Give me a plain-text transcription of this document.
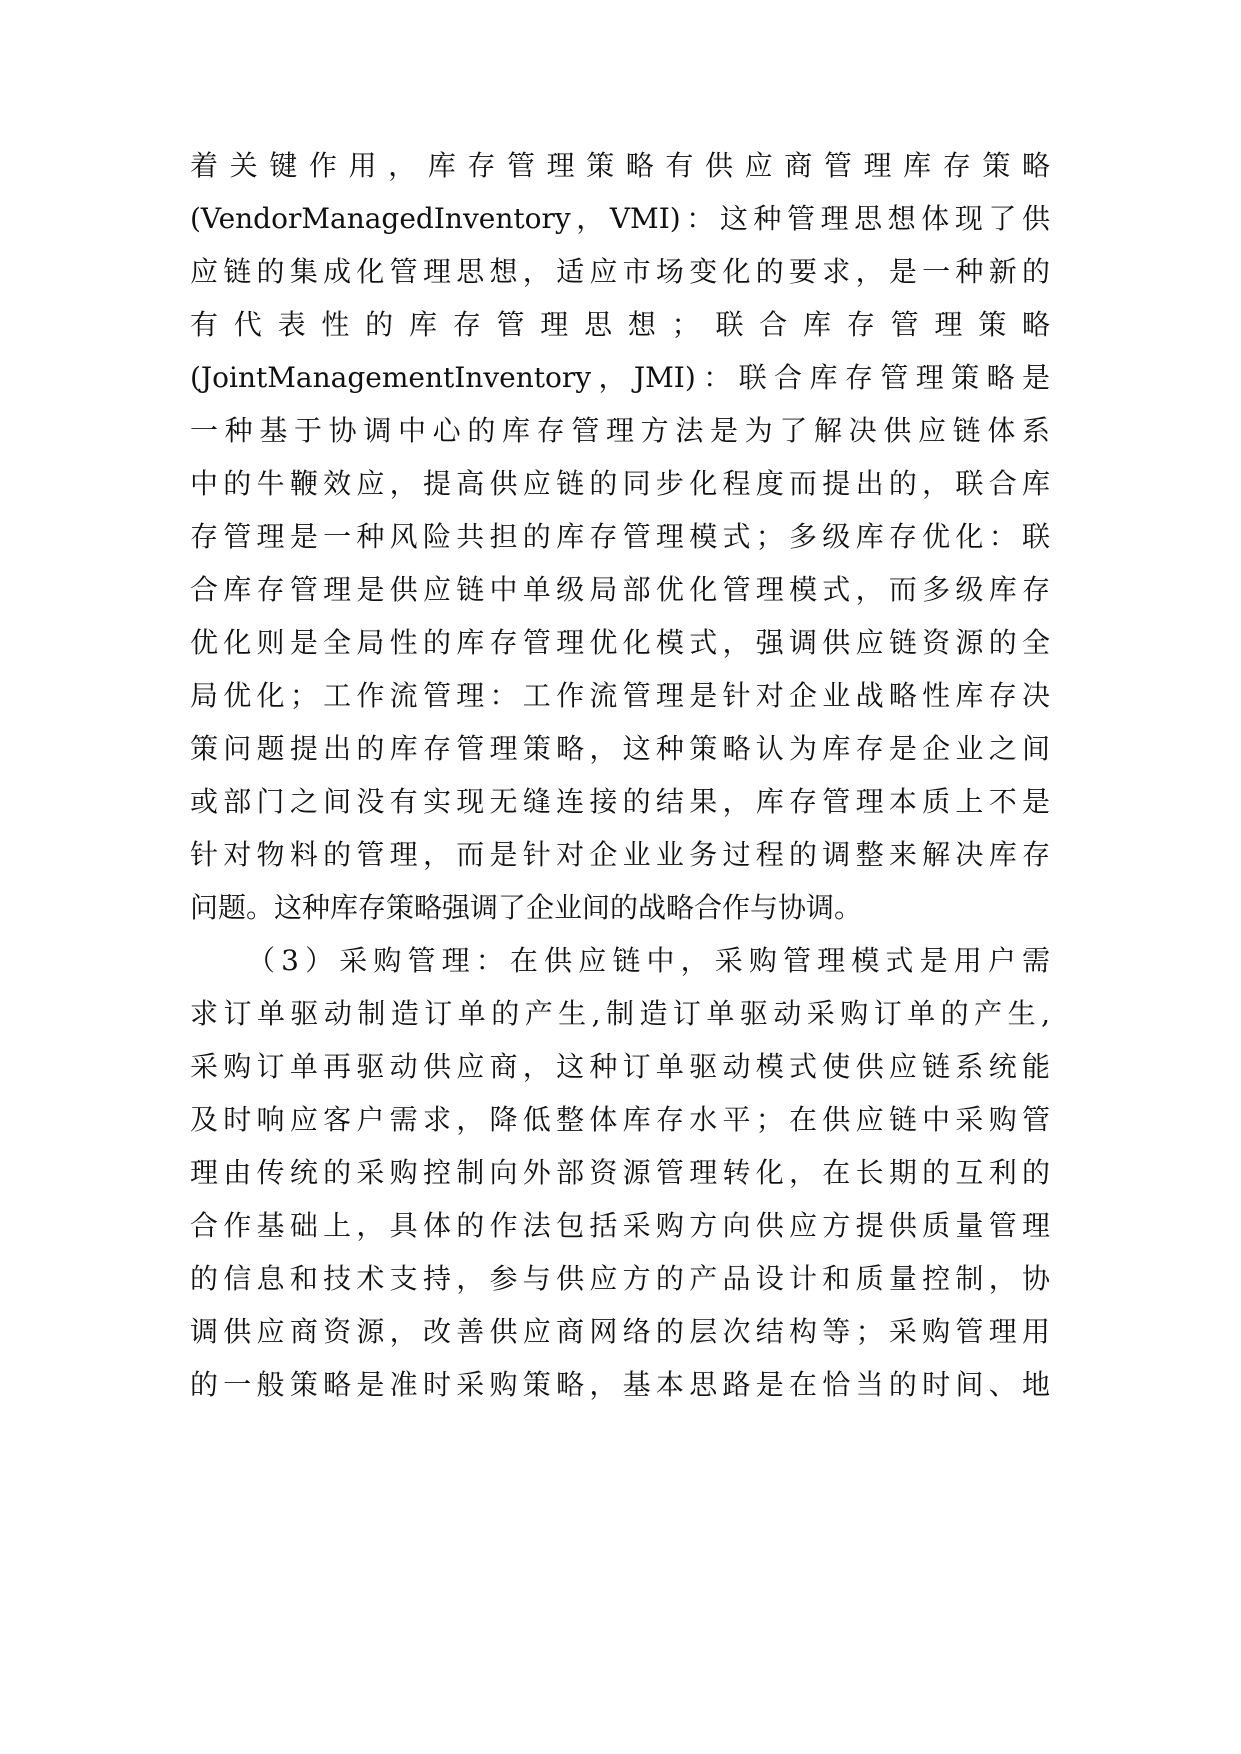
着关键作用，库存管理策略有供应商管理库存策略
(VendorManagedInventory，VMI)：这种管理思想体现了供
应链的集成化管理思想，适应市场变化的要求，是一种新的
有代表性的库存管理思想；联合库存管理策略
(JointManagementInventory，JMI)：联合库存管理策略是
一种基于协调中心的库存管理方法是为了解决供应链体系
中的牛鞭效应，提高供应链的同步化程度而提出的，联合库
存管理是一种风险共担的库存管理模式；多级库存优化：联
合库存管理是供应链中单级局部优化管理模式，而多级库存
优化则是全局性的库存管理优化模式，强调供应链资源的全
局优化；工作流管理：工作流管理是针对企业战略性库存决
策问题提出的库存管理策略，这种策略认为库存是企业之间
或部门之间没有实现无缝连接的结果，库存管理本质上不是
针对物料的管理，而是针对企业业务过程的调整来解决库存
问题。这种库存策略强调了企业间的战略合作与协调。
（3）采购管理：在供应链中，采购管理模式是用户需
求订单驱动制造订单的产生,制造订单驱动采购订单的产生,
采购订单再驱动供应商，这种订单驱动模式使供应链系统能
及时响应客户需求，降低整体库存水平；在供应链中采购管
理由传统的采购控制向外部资源管理转化，在长期的互利的
合作基础上，具体的作法包括采购方向供应方提供质量管理
的信息和技术支持，参与供应方的产品设计和质量控制，协
调供应商资源，改善供应商网络的层次结构等；采购管理用
的一般策略是准时采购策略，基本思路是在恰当的时间、地
